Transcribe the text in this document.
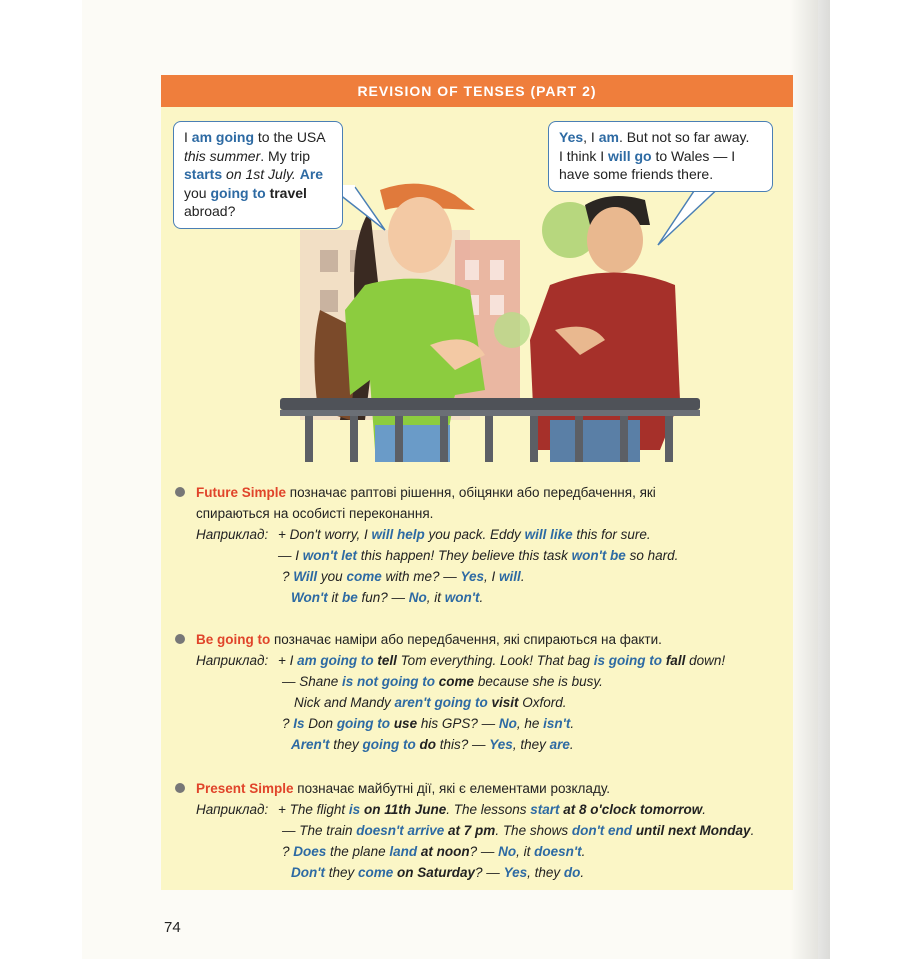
REVISION OF TENSES (PART 2)
I am going to the USA
this summer. My trip
starts on 1st July. Are
you going to travel
abroad?
Yes, I am. But not so far away.
I think I will go to Wales — I
have some friends there.
Future Simple позначає раптові рішення, обіцянки або передбачення, які
спираються на особисті переконання.
Наприклад: + Don't worry, I will help you pack. Eddy will like this for sure.
— I won't let this happen! They believe this task won't be so hard.
? Will you come with me? — Yes, I will.
Won't it be fun? — No, it won't.
Be going to позначає наміри або передбачення, які спираються на факти.
Наприклад: + I am going to tell Tom everything. Look! That bag is going to fall down!
— Shane is not going to come because she is busy.
Nick and Mandy aren't going to visit Oxford.
? Is Don going to use his GPS? — No, he isn't.
Aren't they going to do this? — Yes, they are.
Present Simple позначає майбутні дії, які є елементами розкладу.
Наприклад: + The flight is on 11th June. The lessons start at 8 o'clock tomorrow.
— The train doesn't arrive at 7 pm. The shows don't end until next Monday.
? Does the plane land at noon? — No, it doesn't.
Don't they come on Saturday? — Yes, they do.
74
